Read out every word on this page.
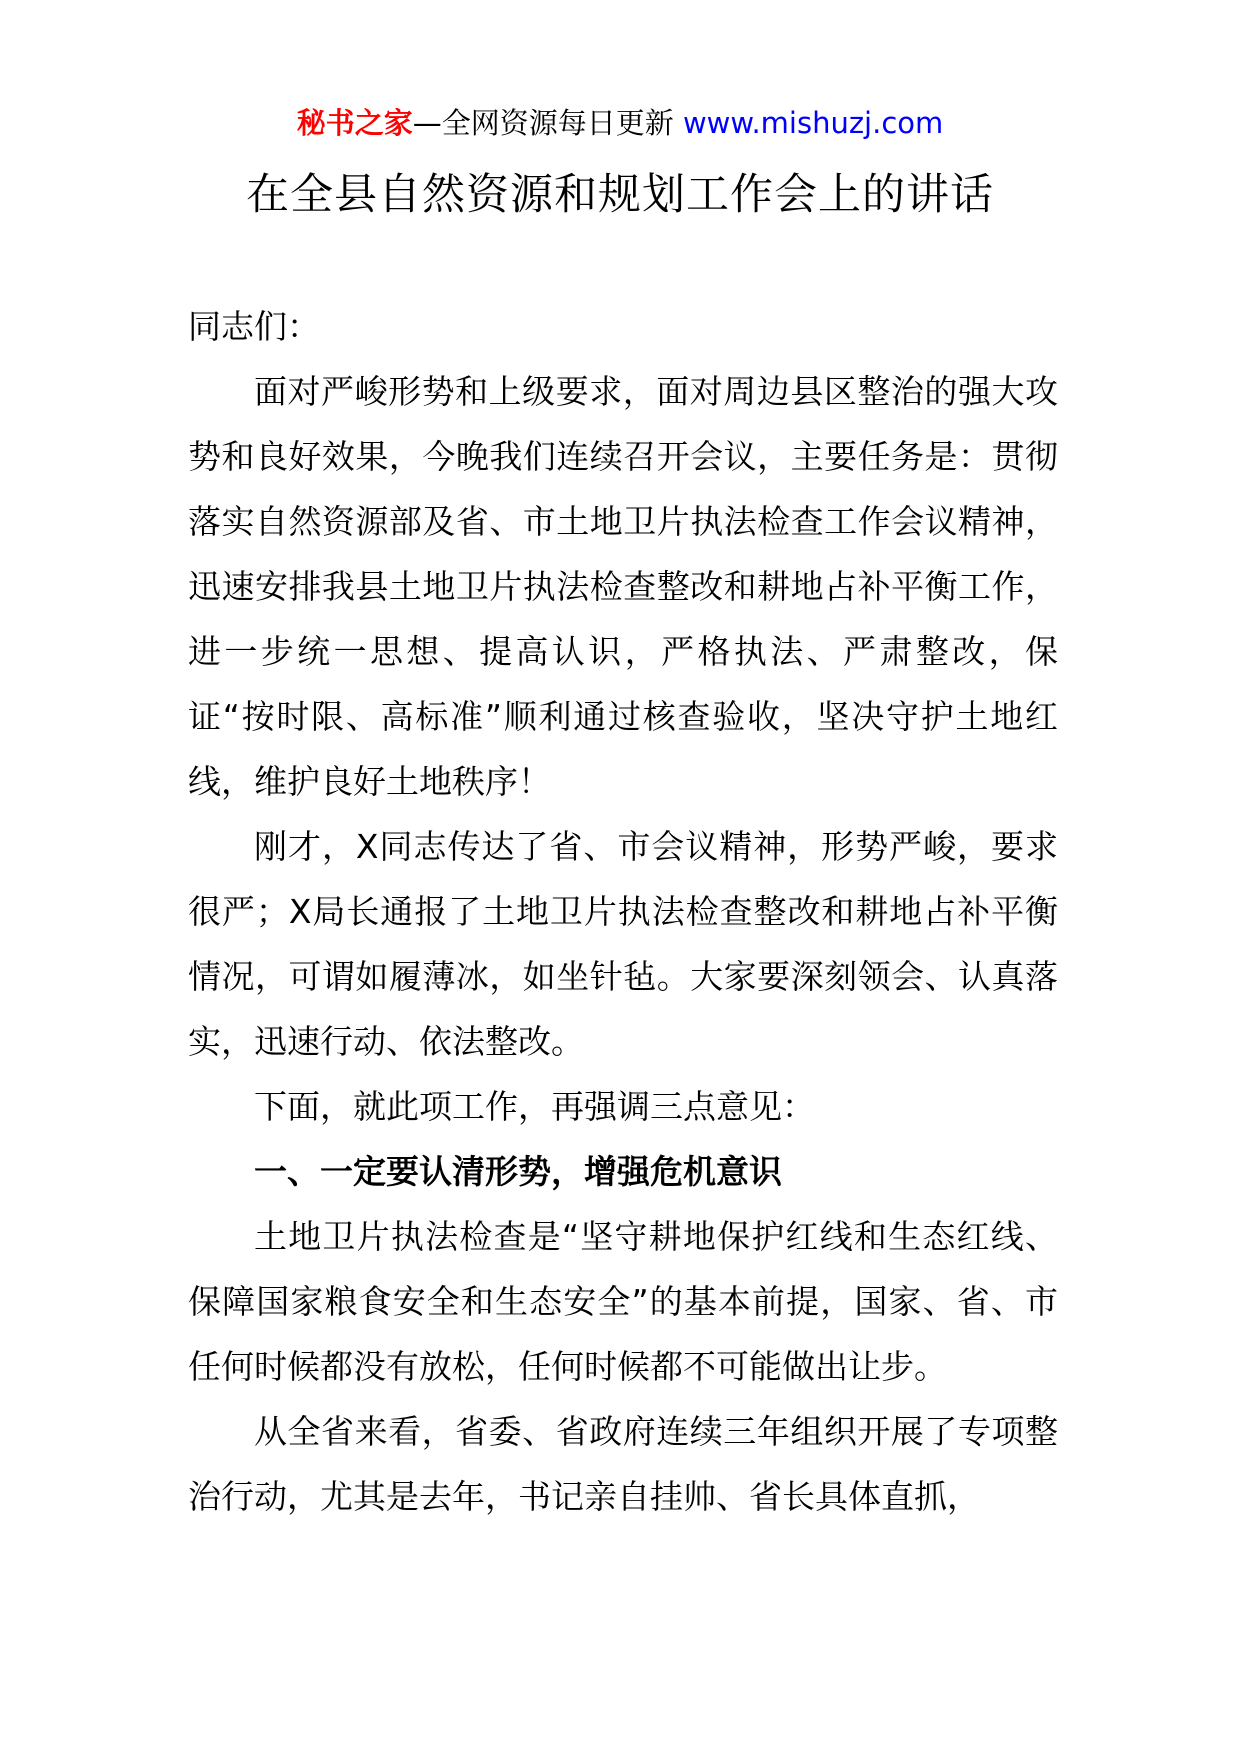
秘书之家—全网资源每日更新 www.mishuzj.com
在全县自然资源和规划工作会上的讲话

同志们：

面对严峻形势和上级要求，面对周边县区整治的强大攻势和良好效果，今晚我们连续召开会议，主要任务是：贯彻落实自然资源部及省、市土地卫片执法检查工作会议精神，迅速安排我县土地卫片执法检查整改和耕地占补平衡工作，进一步统一思想、提高认识，严格执法、严肃整改，保证“按时限、高标准”顺利通过核查验收，坚决守护土地红线，维护良好土地秩序！

刚才，X同志传达了省、市会议精神，形势严峻，要求很严；X局长通报了土地卫片执法检查整改和耕地占补平衡情况，可谓如履薄冰，如坐针毡。大家要深刻领会、认真落实，迅速行动、依法整改。

下面，就此项工作，再强调三点意见：

一、一定要认清形势，增强危机意识

土地卫片执法检查是“坚守耕地保护红线和生态红线、保障国家粮食安全和生态安全”的基本前提，国家、省、市任何时候都没有放松，任何时候都不可能做出让步。

从全省来看，省委、省政府连续三年组织开展了专项整治行动，尤其是去年，书记亲自挂帅、省长具体直抓，
